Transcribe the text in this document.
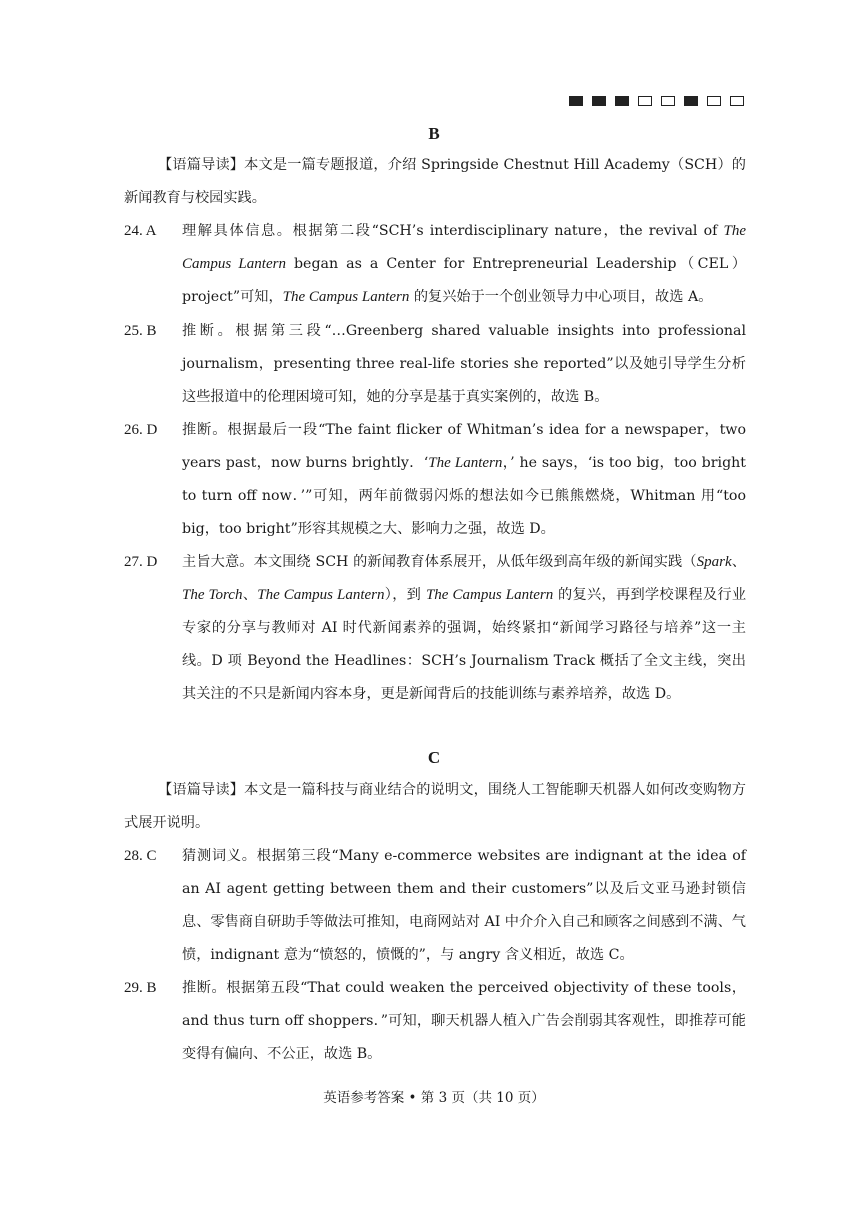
B

【语篇导读】本文是一篇专题报道，介绍 Springside Chestnut Hill Academy（SCH）的新闻教育与校园实践。

24. A	理解具体信息。根据第二段“SCH’s interdisciplinary nature，the revival of The Campus Lantern began as a Center for Entrepreneurial Leadership（CEL）project”可知，The Campus Lantern 的复兴始于一个创业领导力中心项目，故选 A。
25. B	推断。根据第三段“…Greenberg shared valuable insights into professional journalism，presenting three real-life stories she reported”以及她引导学生分析这些报道中的伦理困境可知，她的分享是基于真实案例的，故选 B。
26. D	推断。根据最后一段“The faint flicker of Whitman’s idea for a newspaper，two years past，now burns brightly．‘The Lantern，’ he says，‘is too big，too bright to turn off now．’”可知，两年前微弱闪烁的想法如今已熊熊燃烧，Whitman 用“too big，too bright”形容其规模之大、影响力之强，故选 D。
27. D	主旨大意。本文围绕 SCH 的新闻教育体系展开，从低年级到高年级的新闻实践（Spark、The Torch、The Campus Lantern），到 The Campus Lantern 的复兴，再到学校课程及行业专家的分享与教师对 AI 时代新闻素养的强调，始终紧扣“新闻学习路径与培养”这一主线。D 项 Beyond the Headlines：SCH’s Journalism Track 概括了全文主线，突出其关注的不只是新闻内容本身，更是新闻背后的技能训练与素养培养，故选 D。
C

【语篇导读】本文是一篇科技与商业结合的说明文，围绕人工智能聊天机器人如何改变购物方式展开说明。

28. C	猜测词义。根据第三段“Many e-commerce websites are indignant at the idea of an AI agent getting between them and their customers”以及后文亚马逊封锁信息、零售商自研助手等做法可推知，电商网站对 AI 中介介入自己和顾客之间感到不满、气愤，indignant 意为“愤怒的，愤慨的”，与 angry 含义相近，故选 C。
29. B	推断。根据第五段“That could weaken the perceived objectivity of these tools，and thus turn off shoppers．”可知，聊天机器人植入广告会削弱其客观性，即推荐可能变得有偏向、不公正，故选 B。
英语参考答案 • 第 3 页（共 10 页）
